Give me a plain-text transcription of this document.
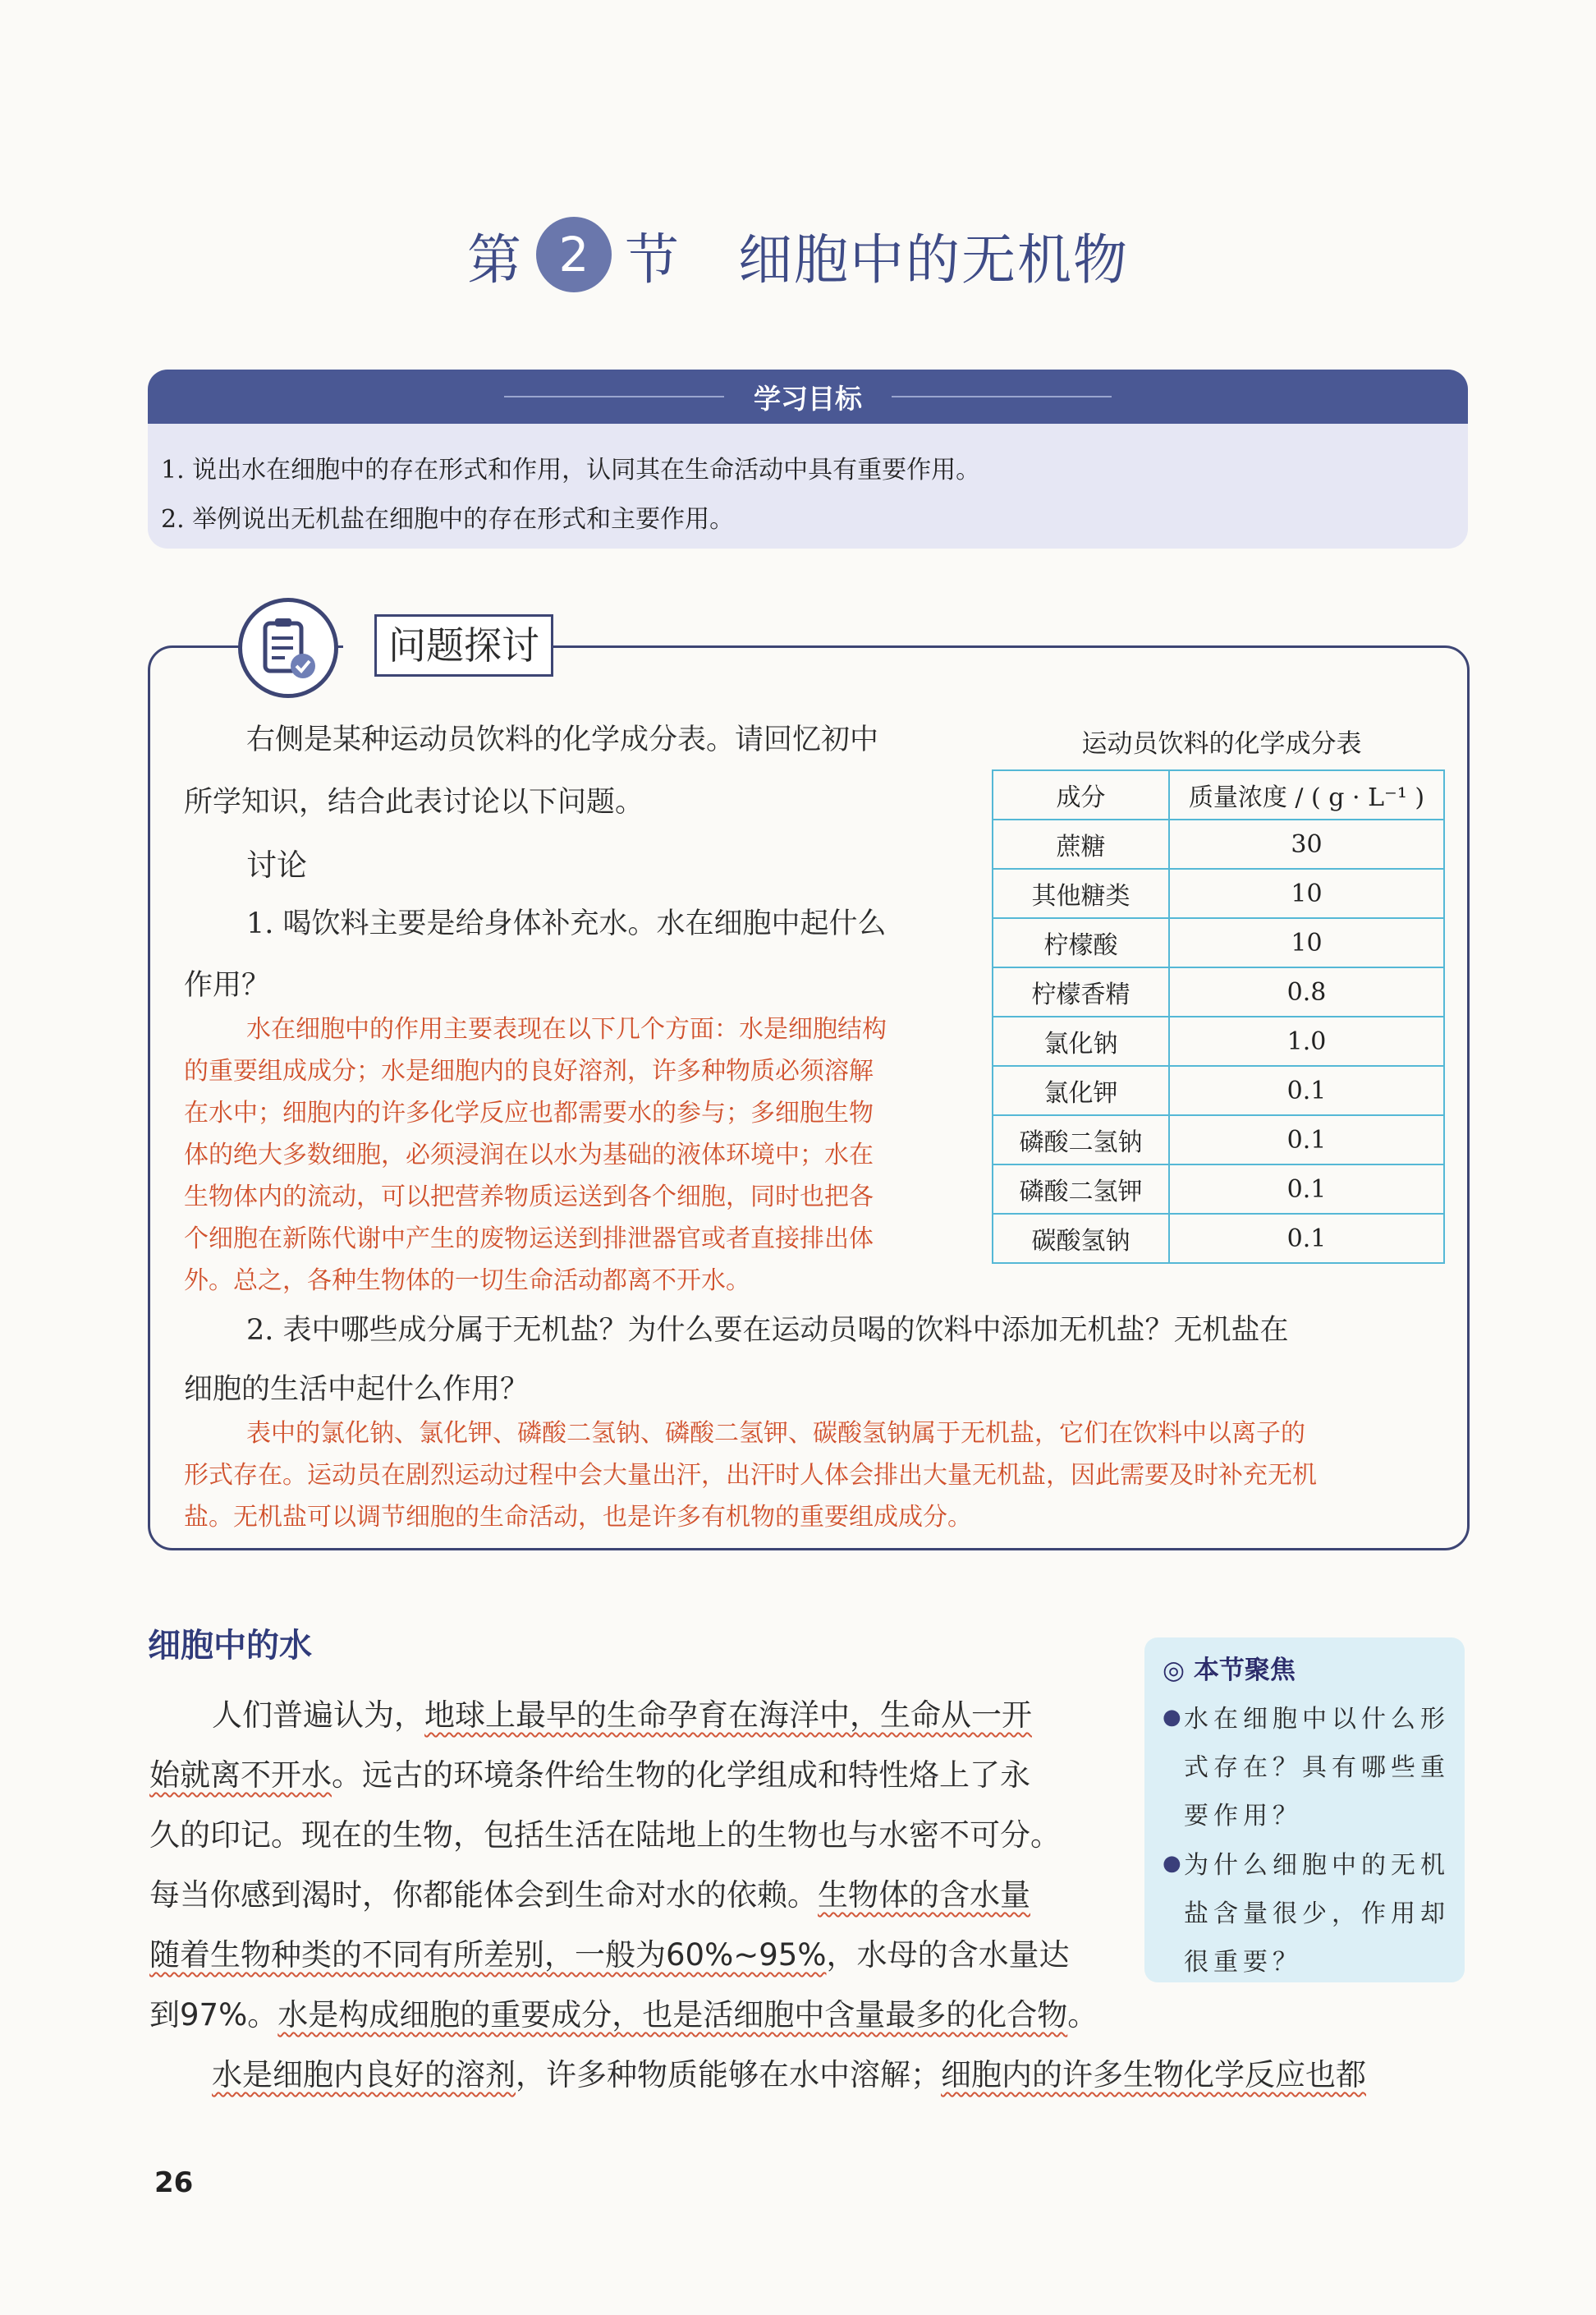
第 2 节 细胞中的无机物
学习目标
1. 说出水在细胞中的存在形式和作用，认同其在生命活动中具有重要作用。
2. 举例说出无机盐在细胞中的存在形式和主要作用。
问题探讨
右侧是某种运动员饮料的化学成分表。请回忆初中
所学知识，结合此表讨论以下问题。
讨论
1. 喝饮料主要是给身体补充水。水在细胞中起什么
作用？
水在细胞中的作用主要表现在以下几个方面：水是细胞结构
的重要组成成分；水是细胞内的良好溶剂，许多种物质必须溶解
在水中；细胞内的许多化学反应也都需要水的参与；多细胞生物
体的绝大多数细胞，必须浸润在以水为基础的液体环境中；水在
生物体内的流动，可以把营养物质运送到各个细胞，同时也把各
个细胞在新陈代谢中产生的废物运送到排泄器官或者直接排出体
外。总之，各种生物体的一切生命活动都离不开水。
2. 表中哪些成分属于无机盐？为什么要在运动员喝的饮料中添加无机盐？无机盐在
细胞的生活中起什么作用？
表中的氯化钠、氯化钾、磷酸二氢钠、磷酸二氢钾、碳酸氢钠属于无机盐，它们在饮料中以离子的
形式存在。运动员在剧烈运动过程中会大量出汗，出汗时人体会排出大量无机盐，因此需要及时补充无机
盐。无机盐可以调节细胞的生命活动，也是许多有机物的重要组成成分。
运动员饮料的化学成分表
成分	质量浓度 / ( g · L⁻¹ )
蔗糖	30
其他糖类	10
柠檬酸	10
柠檬香精	0.8
氯化钠	1.0
氯化钾	0.1
磷酸二氢钠	0.1
磷酸二氢钾	0.1
碳酸氢钠	0.1
细胞中的水
人们普遍认为，地球上最早的生命孕育在海洋中，生命从一开
始就离不开水。远古的环境条件给生物的化学组成和特性烙上了永
久的印记。现在的生物，包括生活在陆地上的生物也与水密不可分。
每当你感到渴时，你都能体会到生命对水的依赖。生物体的含水量
随着生物种类的不同有所差别，一般为60%~95%，水母的含水量达
到97%。水是构成细胞的重要成分，也是活细胞中含量最多的化合物。
水是细胞内良好的溶剂，许多种物质能够在水中溶解；细胞内的许多生物化学反应也都
◎ 本节聚焦
● 水在细胞中以什么形式存在？具有哪些重要作用？
● 为什么细胞中的无机盐含量很少，作用却很重要？
26
